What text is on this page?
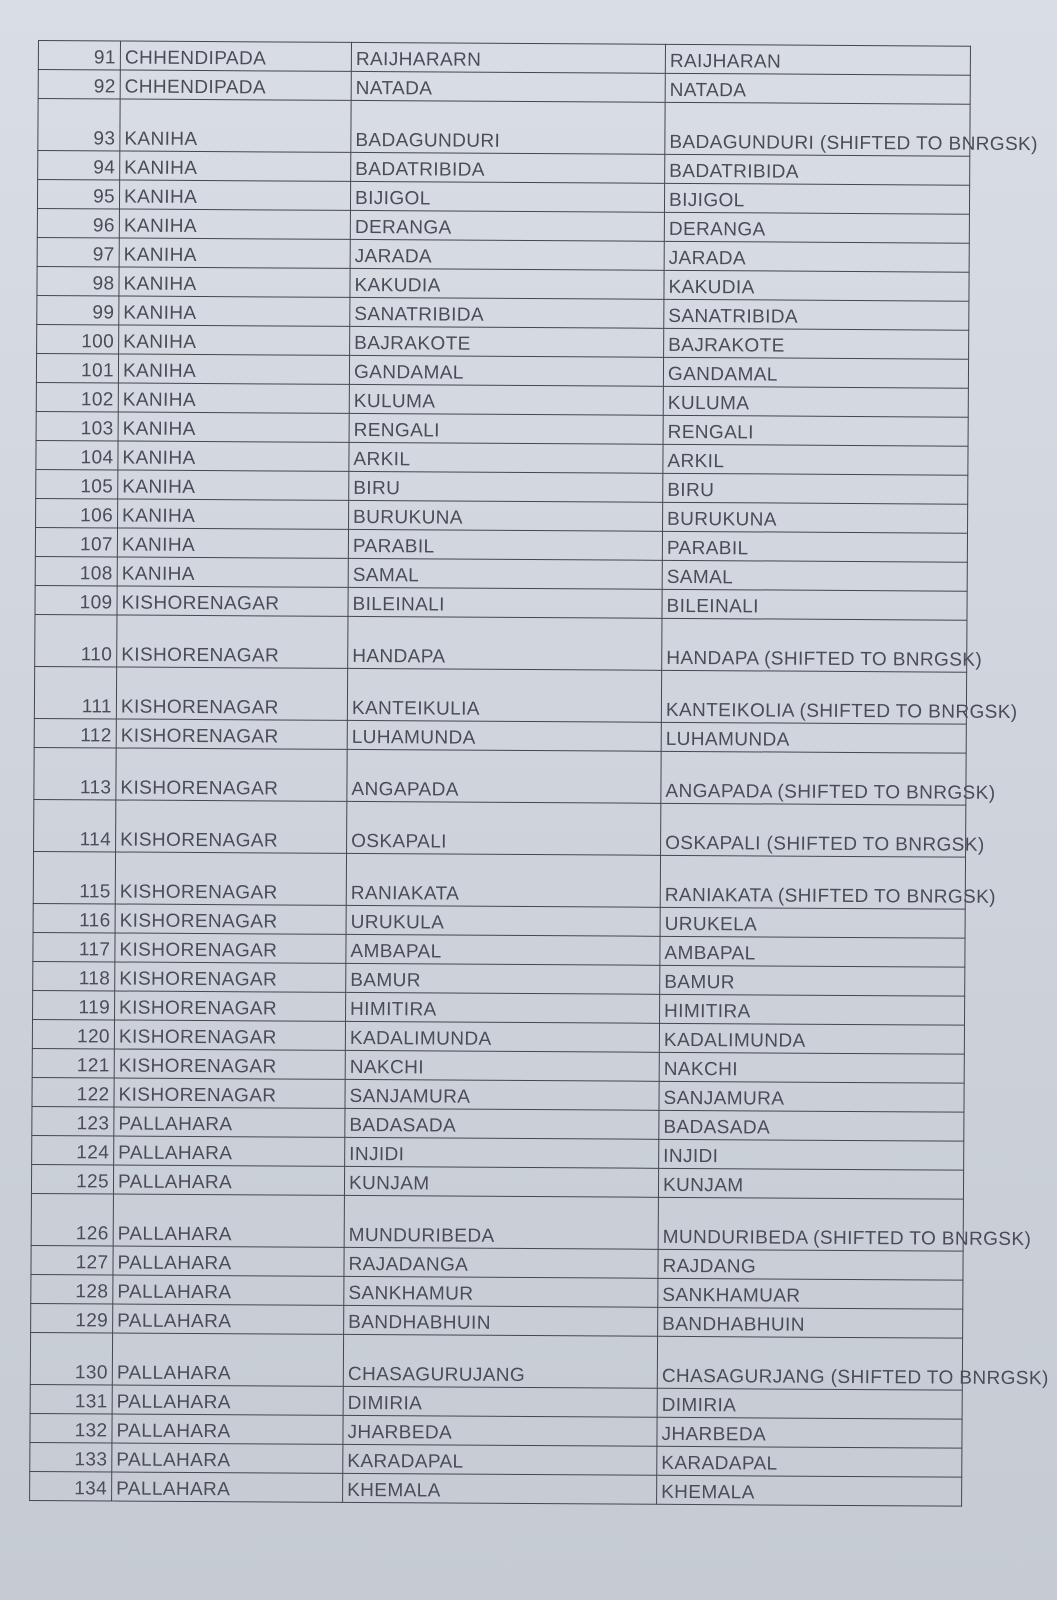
91	CHHENDIPADA	RAIJHARARN	RAIJHARAN
92	CHHENDIPADA	NATADA	NATADA
93	KANIHA	BADAGUNDURI	BADAGUNDURI (SHIFTED TO BNRGSK)
94	KANIHA	BADATRIBIDA	BADATRIBIDA
95	KANIHA	BIJIGOL	BIJIGOL
96	KANIHA	DERANGA	DERANGA
97	KANIHA	JARADA	JARADA
98	KANIHA	KAKUDIA	KAKUDIA
99	KANIHA	SANATRIBIDA	SANATRIBIDA
100	KANIHA	BAJRAKOTE	BAJRAKOTE
101	KANIHA	GANDAMAL	GANDAMAL
102	KANIHA	KULUMA	KULUMA
103	KANIHA	RENGALI	RENGALI
104	KANIHA	ARKIL	ARKIL
105	KANIHA	BIRU	BIRU
106	KANIHA	BURUKUNA	BURUKUNA
107	KANIHA	PARABIL	PARABIL
108	KANIHA	SAMAL	SAMAL
109	KISHORENAGAR	BILEINALI	BILEINALI
110	KISHORENAGAR	HANDAPA	HANDAPA (SHIFTED TO BNRGSK)
111	KISHORENAGAR	KANTEIKULIA	KANTEIKOLIA (SHIFTED TO BNRGSK)
112	KISHORENAGAR	LUHAMUNDA	LUHAMUNDA
113	KISHORENAGAR	ANGAPADA	ANGAPADA (SHIFTED TO BNRGSK)
114	KISHORENAGAR	OSKAPALI	OSKAPALI (SHIFTED TO BNRGSK)
115	KISHORENAGAR	RANIAKATA	RANIAKATA (SHIFTED TO BNRGSK)
116	KISHORENAGAR	URUKULA	URUKELA
117	KISHORENAGAR	AMBAPAL	AMBAPAL
118	KISHORENAGAR	BAMUR	BAMUR
119	KISHORENAGAR	HIMITIRA	HIMITIRA
120	KISHORENAGAR	KADALIMUNDA	KADALIMUNDA
121	KISHORENAGAR	NAKCHI	NAKCHI
122	KISHORENAGAR	SANJAMURA	SANJAMURA
123	PALLAHARA	BADASADA	BADASADA
124	PALLAHARA	INJIDI	INJIDI
125	PALLAHARA	KUNJAM	KUNJAM
126	PALLAHARA	MUNDURIBEDA	MUNDURIBEDA (SHIFTED TO BNRGSK)
127	PALLAHARA	RAJADANGA	RAJDANG
128	PALLAHARA	SANKHAMUR	SANKHAMUAR
129	PALLAHARA	BANDHABHUIN	BANDHABHUIN
130	PALLAHARA	CHASAGURUJANG	CHASAGURJANG (SHIFTED TO BNRGSK)
131	PALLAHARA	DIMIRIA	DIMIRIA
132	PALLAHARA	JHARBEDA	JHARBEDA
133	PALLAHARA	KARADAPAL	KARADAPAL
134	PALLAHARA	KHEMALA	KHEMALA
